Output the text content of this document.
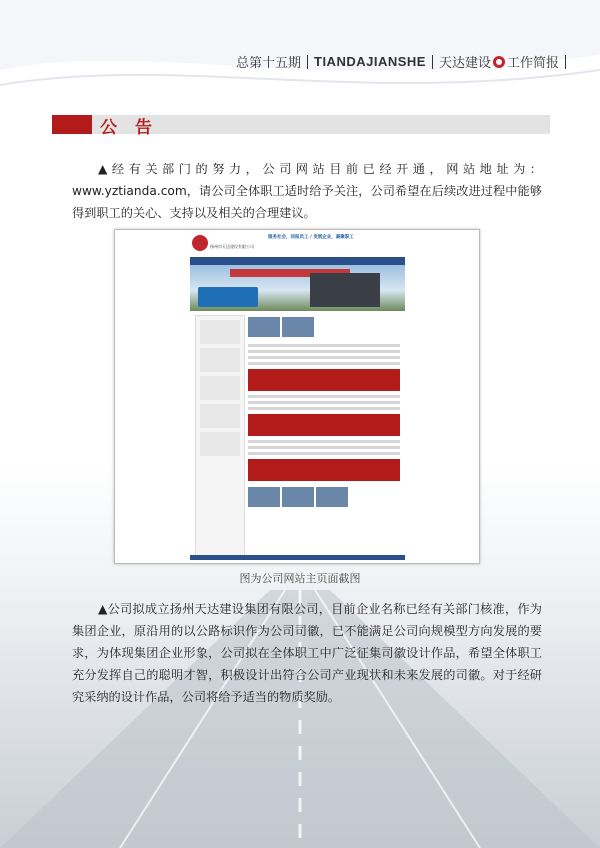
总第十五期 TIANDAJIANSHE 天达建设 工作简报
公告
▲经有关部门的努力，公司网站目前已经开通，网站地址为：www.yztianda.com，请公司全体职工适时给予关注，公司希望在后续改进过程中能够得到职工的关心、支持以及相关的合理建议。
扬州市天达建设有限公司
服务社会，回报员工 / 发展企业，凝聚职工
图为公司网站主页面截图
▲公司拟成立扬州天达建设集团有限公司，目前企业名称已经有关部门核准，作为集团企业，原沿用的以公路标识作为公司司徽，已不能满足公司向规模型方向发展的要求，为体现集团企业形象，公司拟在全体职工中广泛征集司徽设计作品，希望全体职工充分发挥自己的聪明才智，积极设计出符合公司产业现状和未来发展的司徽。对于经研究采纳的设计作品，公司将给予适当的物质奖励。
